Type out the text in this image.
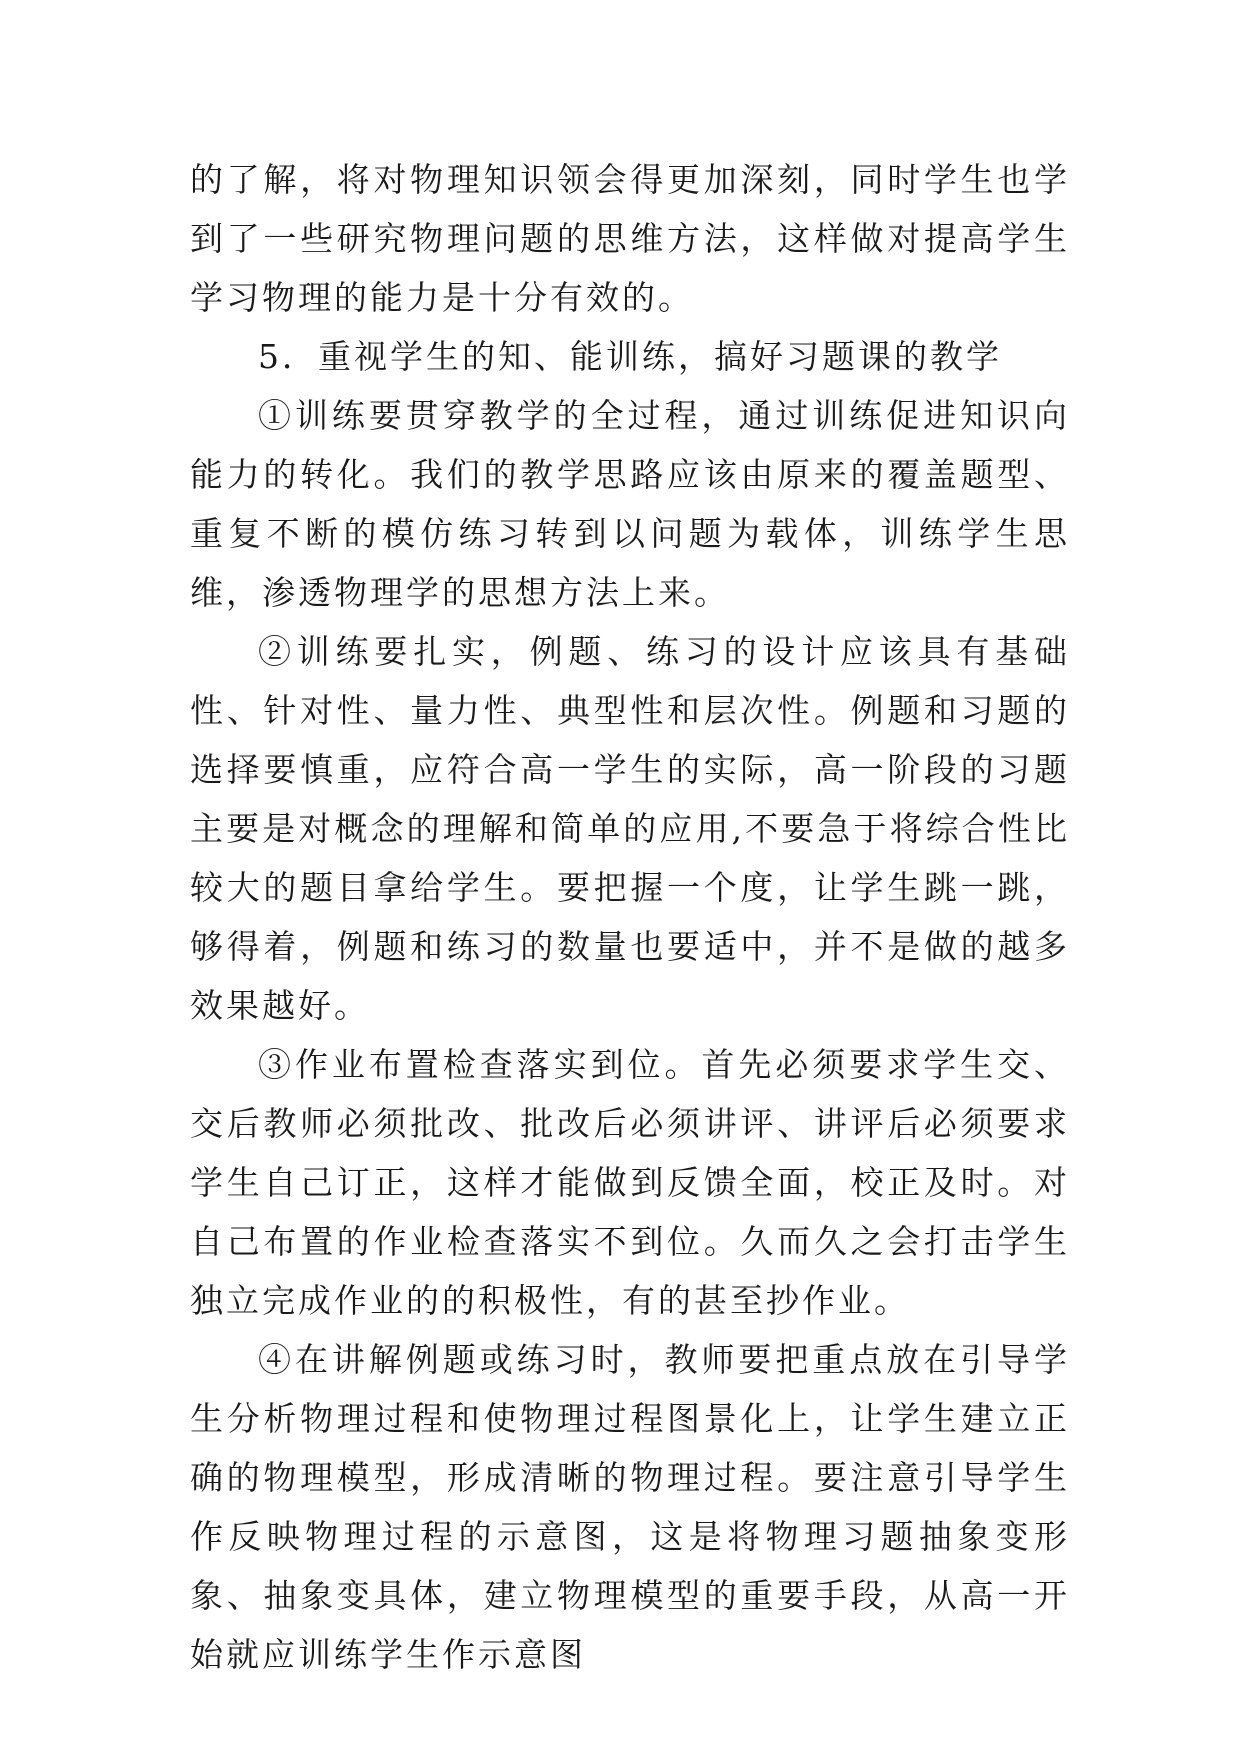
的了解，将对物理知识领会得更加深刻，同时学生也学到了一些研究物理问题的思维方法，这样做对提高学生学习物理的能力是十分有效的。

5．重视学生的知、能训练，搞好习题课的教学

①训练要贯穿教学的全过程，通过训练促进知识向能力的转化。我们的教学思路应该由原来的覆盖题型、重复不断的模仿练习转到以问题为载体，训练学生思维，渗透物理学的思想方法上来。

②训练要扎实，例题、练习的设计应该具有基础性、针对性、量力性、典型性和层次性。例题和习题的选择要慎重，应符合高一学生的实际，高一阶段的习题主要是对概念的理解和简单的应用,不要急于将综合性比较大的题目拿给学生。要把握一个度，让学生跳一跳，够得着，例题和练习的数量也要适中，并不是做的越多效果越好。

③作业布置检查落实到位。首先必须要求学生交、交后教师必须批改、批改后必须讲评、讲评后必须要求学生自己订正，这样才能做到反馈全面，校正及时。对自己布置的作业检查落实不到位。久而久之会打击学生独立完成作业的的积极性，有的甚至抄作业。

④在讲解例题或练习时，教师要把重点放在引导学生分析物理过程和使物理过程图景化上，让学生建立正确的物理模型，形成清晰的物理过程。要注意引导学生作反映物理过程的示意图，这是将物理习题抽象变形象、抽象变具体，建立物理模型的重要手段，从高一开始就应训练学生作示意图
